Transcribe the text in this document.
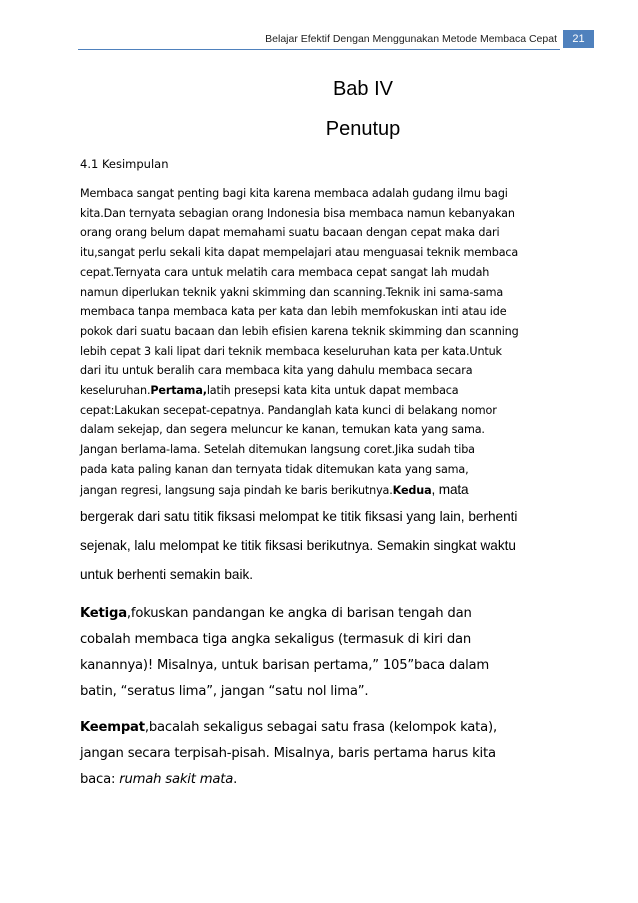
Belajar Efektif Dengan Menggunakan Metode Membaca Cepat	21
Bab IV
Penutup
4.1 Kesimpulan

Membaca sangat penting bagi kita karena membaca adalah gudang ilmu bagi
kita.Dan ternyata sebagian orang Indonesia bisa membaca namun kebanyakan
orang orang belum dapat memahami suatu bacaan dengan cepat maka dari
itu,sangat perlu sekali kita dapat mempelajari atau menguasai teknik membaca
cepat.Ternyata cara untuk melatih cara membaca cepat sangat lah mudah
namun diperlukan teknik yakni skimming dan scanning.Teknik ini sama-sama
membaca tanpa membaca kata per kata dan lebih memfokuskan inti atau ide
pokok dari suatu bacaan dan lebih efisien karena teknik skimming dan scanning
lebih cepat 3 kali lipat dari teknik membaca keseluruhan kata per kata.Untuk
dari itu untuk beralih cara membaca kita yang dahulu membaca secara
keseluruhan.Pertama,latih presepsi kata kita untuk dapat membaca
cepat:Lakukan secepat-cepatnya. Pandanglah kata kunci di belakang nomor
dalam sekejap, dan segera meluncur ke kanan, temukan kata yang sama.
Jangan berlama-lama. Setelah ditemukan langsung coret.Jika sudah tiba
pada kata paling kanan dan ternyata tidak ditemukan kata yang sama,
jangan regresi, langsung saja pindah ke baris berikutnya.Kedua, mata

bergerak dari satu titik fiksasi melompat ke titik fiksasi yang lain, berhenti
sejenak, lalu melompat ke titik fiksasi berikutnya. Semakin singkat waktu
untuk berhenti semakin baik.

Ketiga,fokuskan pandangan ke angka di barisan tengah dan
cobalah membaca tiga angka sekaligus (termasuk di kiri dan
kanannya)! Misalnya, untuk barisan pertama,” 105”baca dalam
batin, “seratus lima”, jangan “satu nol lima”.

Keempat,bacalah sekaligus sebagai satu frasa (kelompok kata),
jangan secara terpisah-pisah. Misalnya, baris pertama harus kita
baca: rumah sakit mata.
